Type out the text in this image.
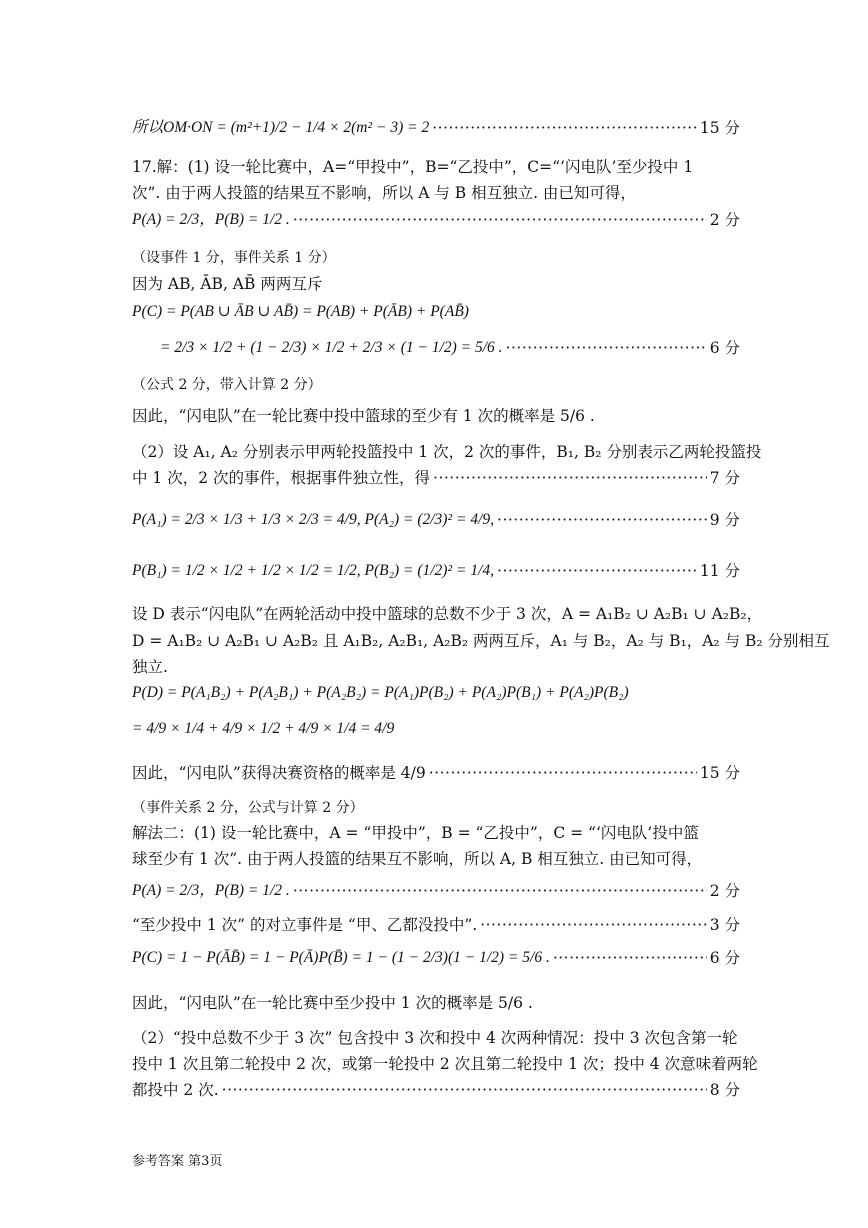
所以OM·ON = (m²+1)/2 − 1/4 × 2(m² − 3) = 2 ·····	15 分
17.解：(1) 设一轮比赛中，A=“甲投中”，B=“乙投中”，C=“‘闪电队’至少投中 1
次”. 由于两人投篮的结果互不影响，所以 A 与 B 相互独立. 由已知可得，
P(A) = 2/3，P(B) = 1/2 . ·····	2 分
（设事件 1 分，事件关系 1 分）
因为 AB, ĀB, AB̄ 两两互斥
P(C) = P(AB ∪ ĀB ∪ AB̄) = P(AB) + P(ĀB) + P(AB̄)
= 2/3 × 1/2 + (1 − 2/3) × 1/2 + 2/3 × (1 − 1/2) = 5/6 . ·····	6 分
（公式 2 分，带入计算 2 分）
因此，“闪电队”在一轮比赛中投中篮球的至少有 1 次的概率是 5/6 .
（2）设 A₁, A₂ 分别表示甲两轮投篮投中 1 次，2 次的事件，B₁, B₂ 分别表示乙两轮投篮投
中 1 次，2 次的事件，根据事件独立性，得 ·····	7 分
P(A₁) = 2/3 × 1/3 + 1/3 × 2/3 = 4/9, P(A₂) = (2/3)² = 4/9, ·····	9 分
P(B₁) = 1/2 × 1/2 + 1/2 × 1/2 = 1/2, P(B₂) = (1/2)² = 1/4, ·····	11 分
设 D 表示“闪电队”在两轮活动中投中篮球的总数不少于 3 次，A = A₁B₂ ∪ A₂B₁ ∪ A₂B₂，
D = A₁B₂ ∪ A₂B₁ ∪ A₂B₂ 且 A₁B₂, A₂B₁, A₂B₂ 两两互斥，A₁ 与 B₂，A₂ 与 B₁，A₂ 与 B₂ 分别相互
独立.
P(D) = P(A₁B₂) + P(A₂B₁) + P(A₂B₂) = P(A₁)P(B₂) + P(A₂)P(B₁) + P(A₂)P(B₂)
= 4/9 × 1/4 + 4/9 × 1/2 + 4/9 × 1/4 = 4/9
因此，“闪电队”获得决赛资格的概率是 4/9 ·····	15 分
（事件关系 2 分，公式与计算 2 分）
解法二：(1) 设一轮比赛中，A = “甲投中”，B = “乙投中”，C = “‘闪电队’投中篮
球至少有 1 次”. 由于两人投篮的结果互不影响，所以 A, B 相互独立. 由已知可得，
P(A) = 2/3，P(B) = 1/2 . ·····	2 分
“至少投中 1 次” 的对立事件是 “甲、乙都没投中”. ·····	3 分
P(C) = 1 − P(ĀB̄) = 1 − P(Ā)P(B̄) = 1 − (1 − 2/3)(1 − 1/2) = 5/6 . ·····	6 分
因此，“闪电队”在一轮比赛中至少投中 1 次的概率是 5/6 .
（2）“投中总数不少于 3 次” 包含投中 3 次和投中 4 次两种情况：投中 3 次包含第一轮
投中 1 次且第二轮投中 2 次，或第一轮投中 2 次且第二轮投中 1 次；投中 4 次意味着两轮
都投中 2 次. ·····	8 分
参考答案 第3页
